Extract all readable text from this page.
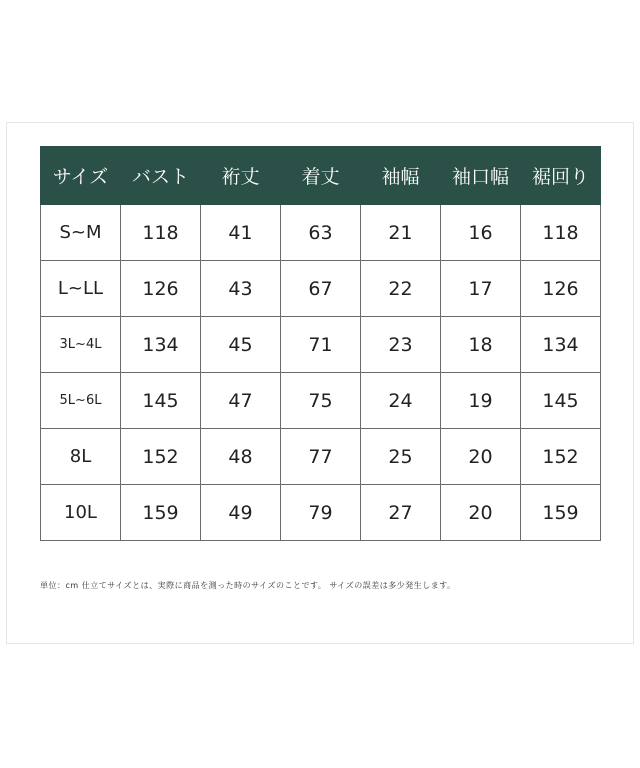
サイズ	バスト	裄丈	着丈	袖幅	袖口幅	裾回り
S~M	118	41	63	21	16	118
L~LL	126	43	67	22	17	126
3L~4L	134	45	71	23	18	134
5L~6L	145	47	75	24	19	145
8L	152	48	77	25	20	152
10L	159	49	79	27	20	159
単位：cm 仕立てサイズとは、実際に商品を測った時のサイズのことです。 サイズの誤差は多少発生します。
